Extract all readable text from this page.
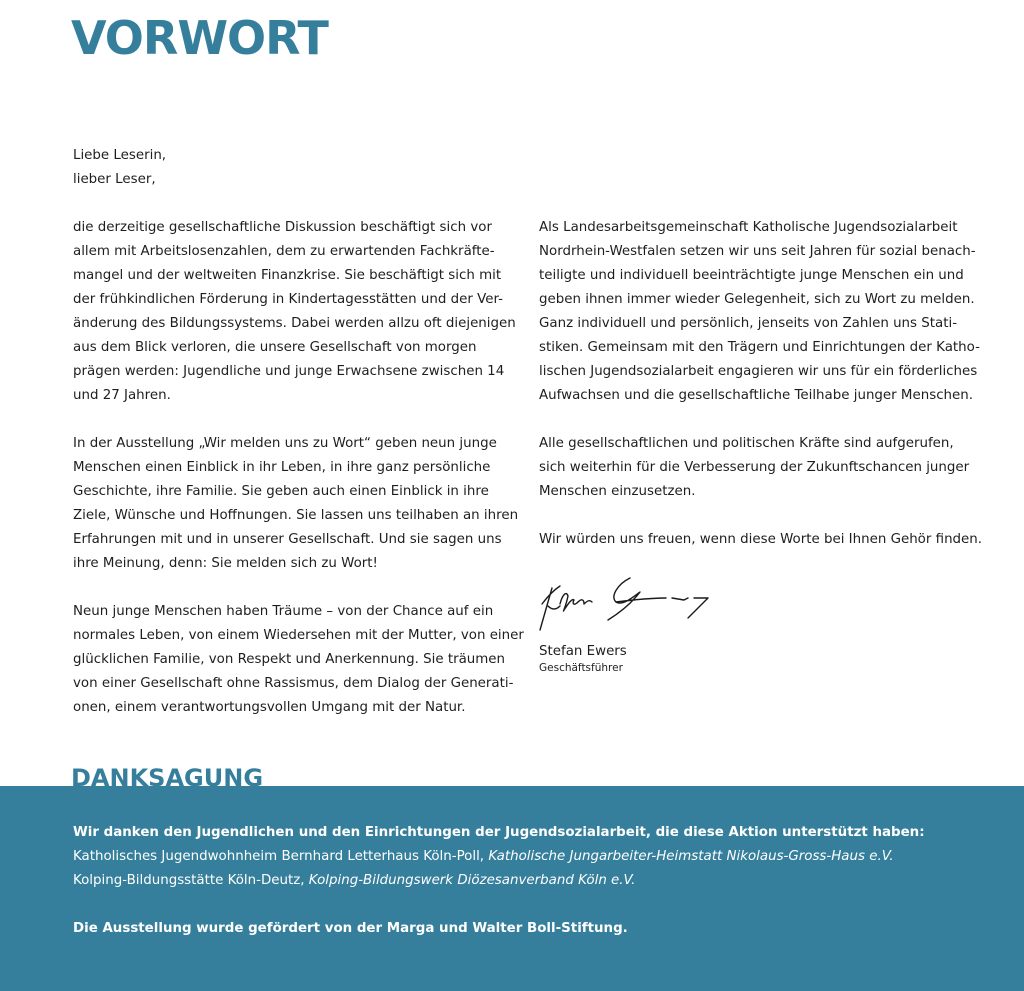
VORWORT

Liebe Leserin,
lieber Leser,

die derzeitige gesellschaftliche Diskussion beschäftigt sich vor
allem mit Arbeitslosenzahlen, dem zu erwartenden Fachkräfte-
mangel und der weltweiten Finanzkrise. Sie beschäftigt sich mit
der frühkindlichen Förderung in Kindertagesstätten und der Ver-
änderung des Bildungssystems. Dabei werden allzu oft diejenigen
aus dem Blick verloren, die unsere Gesellschaft von morgen
prägen werden: Jugendliche und junge Erwachsene zwischen 14
und 27 Jahren.

In der Ausstellung „Wir melden uns zu Wort“ geben neun junge
Menschen einen Einblick in ihr Leben, in ihre ganz persönliche
Geschichte, ihre Familie. Sie geben auch einen Einblick in ihre
Ziele, Wünsche und Hoffnungen. Sie lassen uns teilhaben an ihren
Erfahrungen mit und in unserer Gesellschaft. Und sie sagen uns
ihre Meinung, denn: Sie melden sich zu Wort!

Neun junge Menschen haben Träume – von der Chance auf ein
normales Leben, von einem Wiedersehen mit der Mutter, von einer
glücklichen Familie, von Respekt und Anerkennung. Sie träumen
von einer Gesellschaft ohne Rassismus, dem Dialog der Generati-
onen, einem verantwortungsvollen Umgang mit der Natur.

Als Landesarbeitsgemeinschaft Katholische Jugendsozialarbeit
Nordrhein-Westfalen setzen wir uns seit Jahren für sozial benach-
teiligte und individuell beeinträchtigte junge Menschen ein und
geben ihnen immer wieder Gelegenheit, sich zu Wort zu melden.
Ganz individuell und persönlich, jenseits von Zahlen uns Stati-
stiken. Gemeinsam mit den Trägern und Einrichtungen der Katho-
lischen Jugendsozialarbeit engagieren wir uns für ein förderliches
Aufwachsen und die gesellschaftliche Teilhabe junger Menschen.

Alle gesellschaftlichen und politischen Kräfte sind aufgerufen,
sich weiterhin für die Verbesserung der Zukunftschancen junger
Menschen einzusetzen.

Wir würden uns freuen, wenn diese Worte bei Ihnen Gehör finden.

Stefan Ewers
Geschäftsführer
DANKSAGUNG
Wir danken den Jugendlichen und den Einrichtungen der Jugendsozialarbeit, die diese Aktion unterstützt haben:
Katholisches Jugendwohnheim Bernhard Letterhaus Köln-Poll, Katholische Jungarbeiter-Heimstatt Nikolaus-Gross-Haus e.V.
Kolping-Bildungsstätte Köln-Deutz, Kolping-Bildungswerk Diözesanverband Köln e.V.
Die Ausstellung wurde gefördert von der Marga und Walter Boll-Stiftung.
